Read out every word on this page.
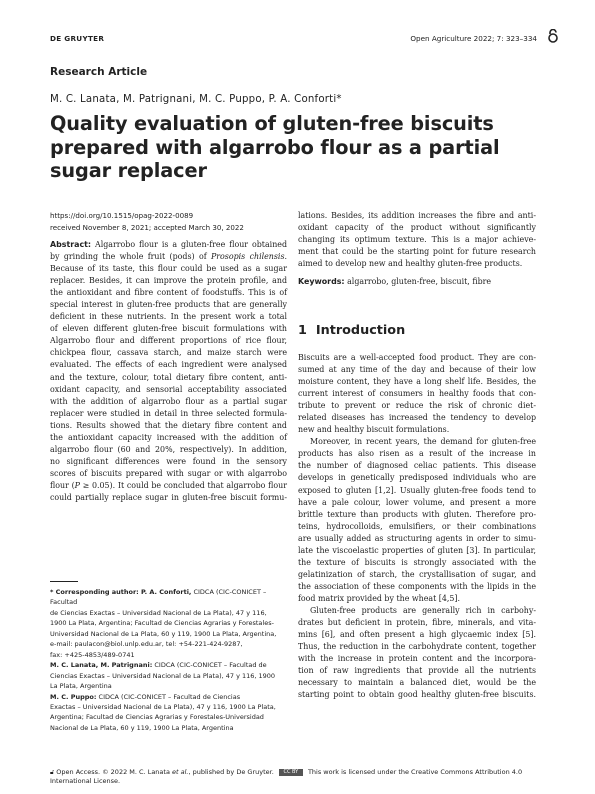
DE GRUYTER	Open Agriculture 2022; 7: 323–334
Research Article
M. C. Lanata, M. Patrignani, M. C. Puppo, P. A. Conforti*
Quality evaluation of gluten-free biscuits prepared with algarrobo flour as a partial sugar replacer
https://doi.org/10.1515/opag-2022-0089
received November 8, 2021; accepted March 30, 2022

Abstract: Algarrobo flour is a gluten-free flour obtained

by grinding the whole fruit (pods) of Prosopis chilensis.
Because of its taste, this flour could be used as a sugar
replacer. Besides, it can improve the protein profile, and
the antioxidant and fibre content of foodstuffs. This is of
special interest in gluten-free products that are generally
deficient in these nutrients. In the present work a total
of eleven different gluten-free biscuit formulations with
Algarrobo flour and different proportions of rice flour,
chickpea flour, cassava starch, and maize starch were
evaluated. The effects of each ingredient were analysed
and the texture, colour, total dietary fibre content, anti-
oxidant capacity, and sensorial acceptability associated
with the addition of algarrobo flour as a partial sugar
replacer were studied in detail in three selected formula-
tions. Results showed that the dietary fibre content and
the antioxidant capacity increased with the addition of
algarrobo flour (60 and 20%, respectively). In addition,
no significant differences were found in the sensory
scores of biscuits prepared with sugar or with algarrobo
flour (P ≥ 0.05). It could be concluded that algarrobo flour
could partially replace sugar in gluten-free biscuit formu-

lations. Besides, its addition increases the fibre and anti-
oxidant capacity of the product without significantly
changing its optimum texture. This is a major achieve-
ment that could be the starting point for future research
aimed to develop new and healthy gluten-free products.

Keywords: algarrobo, gluten-free, biscuit, fibre

1 Introduction
Biscuits are a well-accepted food product. They are con-
sumed at any time of the day and because of their low
moisture content, they have a long shelf life. Besides, the
current interest of consumers in healthy foods that con-
tribute to prevent or reduce the risk of chronic diet-
related diseases has increased the tendency to develop
new and healthy biscuit formulations.
Moreover, in recent years, the demand for gluten-free
products has also risen as a result of the increase in
the number of diagnosed celiac patients. This disease
develops in genetically predisposed individuals who are
exposed to gluten [1,2]. Usually gluten-free foods tend to
have a pale colour, lower volume, and present a more
brittle texture than products with gluten. Therefore pro-
teins, hydrocolloids, emulsifiers, or their combinations
are usually added as structuring agents in order to simu-
late the viscoelastic properties of gluten [3]. In particular,
the texture of biscuits is strongly associated with the
gelatinization of starch, the crystallisation of sugar, and
the association of these components with the lipids in the
food matrix provided by the wheat [4,5].
Gluten-free products are generally rich in carbohy-
drates but deficient in protein, fibre, minerals, and vita-
mins [6], and often present a high glycaemic index [5].
Thus, the reduction in the carbohydrate content, together
with the increase in protein content and the incorpora-
tion of raw ingredients that provide all the nutrients
necessary to maintain a balanced diet, would be the
starting point to obtain good healthy gluten-free biscuits.
* Corresponding author: P. A. Conforti, CIDCA (CIC-CONICET – Facultad
de Ciencias Exactas – Universidad Nacional de La Plata), 47 y 116,
1900 La Plata, Argentina; Facultad de Ciencias Agrarias y Forestales-
Universidad Nacional de La Plata, 60 y 119, 1900 La Plata, Argentina,
e-mail: paulacon@biol.unlp.edu.ar, tel: +54-221-424-9287,
fax: +425-4853/489-0741
M. C. Lanata, M. Patrignani: CIDCA (CIC-CONICET – Facultad de
Ciencias Exactas – Universidad Nacional de La Plata), 47 y 116, 1900
La Plata, Argentina
M. C. Puppo: CIDCA (CIC-CONICET – Facultad de Ciencias
Exactas – Universidad Nacional de La Plata), 47 y 116, 1900 La Plata,
Argentina; Facultad de Ciencias Agrarias y Forestales-Universidad
Nacional de La Plata, 60 y 119, 1900 La Plata, Argentina
🔓︎ Open Access. © 2022 M. C. Lanata et al., published by De Gruyter. CC BY This work is licensed under the Creative Commons Attribution 4.0
International License.
